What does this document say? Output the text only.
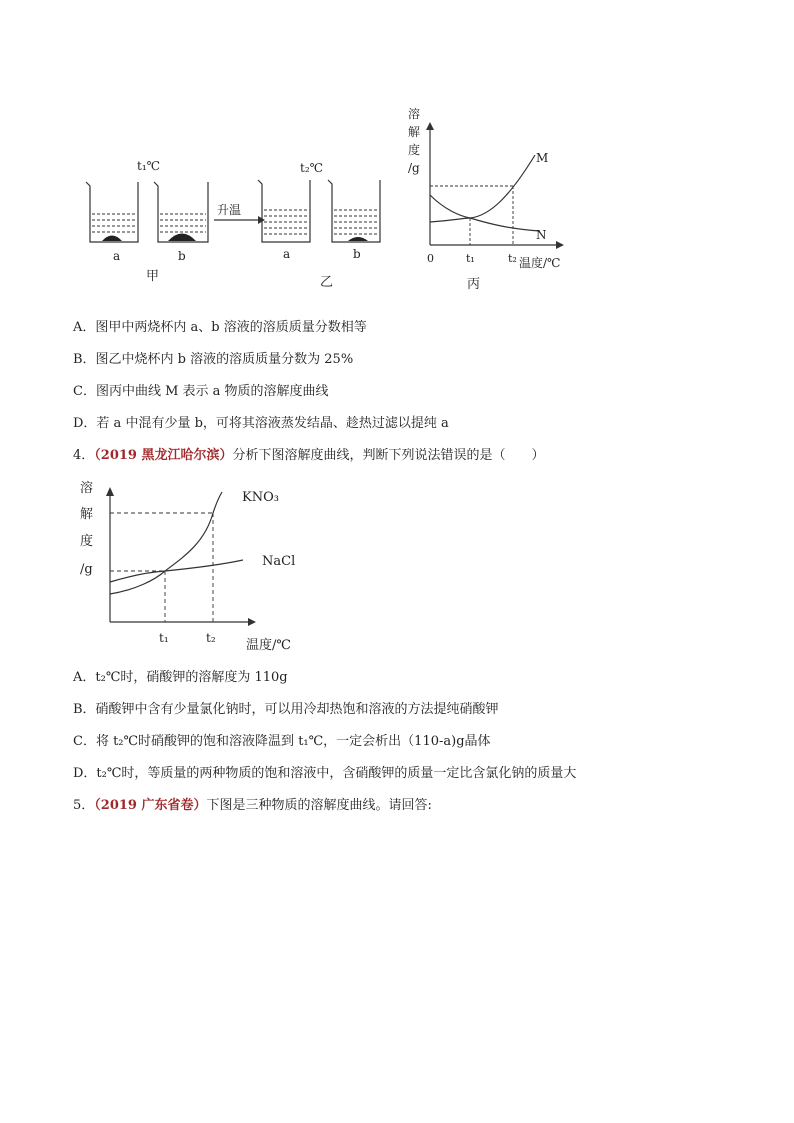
t₁℃	t₂℃
a	b
甲
升温
a	b
乙
溶
解
度
/g
M
N
0	t₁	t₂ 温度/℃
丙
A．图甲中两烧杯内 a、b 溶液的溶质质量分数相等
B．图乙中烧杯内 b 溶液的溶质质量分数为 25%
C．图丙中曲线 M 表示 a 物质的溶解度曲线
D．若 a 中混有少量 b，可将其溶液蒸发结晶、趁热过滤以提纯 a
4．（2019 黑龙江哈尔滨）分析下图溶解度曲线，判断下列说法错误的是（　　）
溶
解
度
/g
KNO₃
NaCl
t₁	t₂ 温度/℃
A．t₂℃时，硝酸钾的溶解度为 110g
B．硝酸钾中含有少量氯化钠时，可以用冷却热饱和溶液的方法提纯硝酸钾
C．将 t₂℃时硝酸钾的饱和溶液降温到 t₁℃，一定会析出（110-a)g晶体
D．t₂℃时，等质量的两种物质的饱和溶液中，含硝酸钾的质量一定比含氯化钠的质量大
5．（2019 广东省卷）下图是三种物质的溶解度曲线。请回答:
